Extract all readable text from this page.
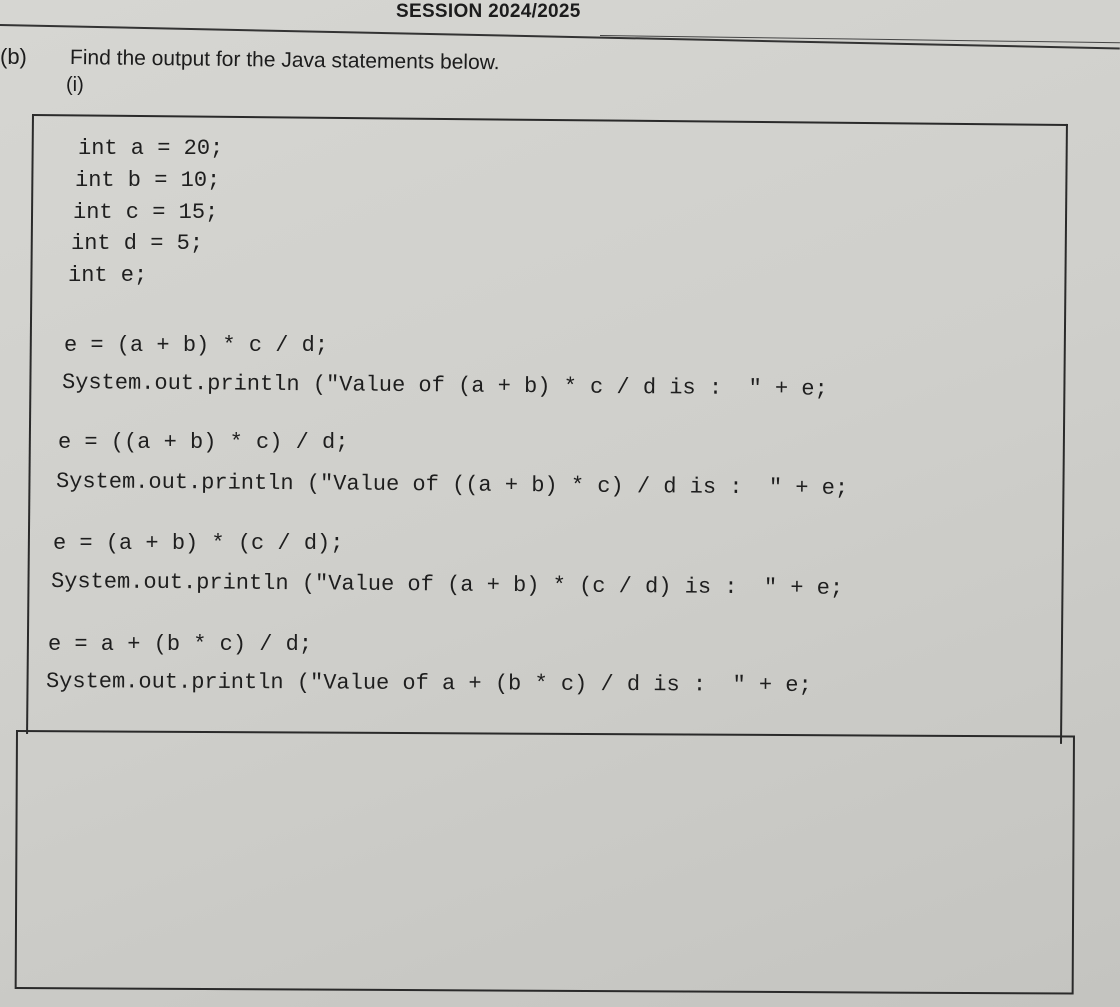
SESSION 2024/2025
(b) Find the output for the Java statements below.
(i)
int a = 20;
int b = 10;
int c = 15;
int d = 5;
int e;
e = (a + b) * c / d;
System.out.println ("Value of (a + b) * c / d is :  " + e;
e = ((a + b) * c) / d;
System.out.println ("Value of ((a + b) * c) / d is :  " + e;
e = (a + b) * (c / d);
System.out.println ("Value of (a + b) * (c / d) is :  " + e;
e = a + (b * c) / d;
System.out.println ("Value of a + (b * c) / d is :  " + e;
